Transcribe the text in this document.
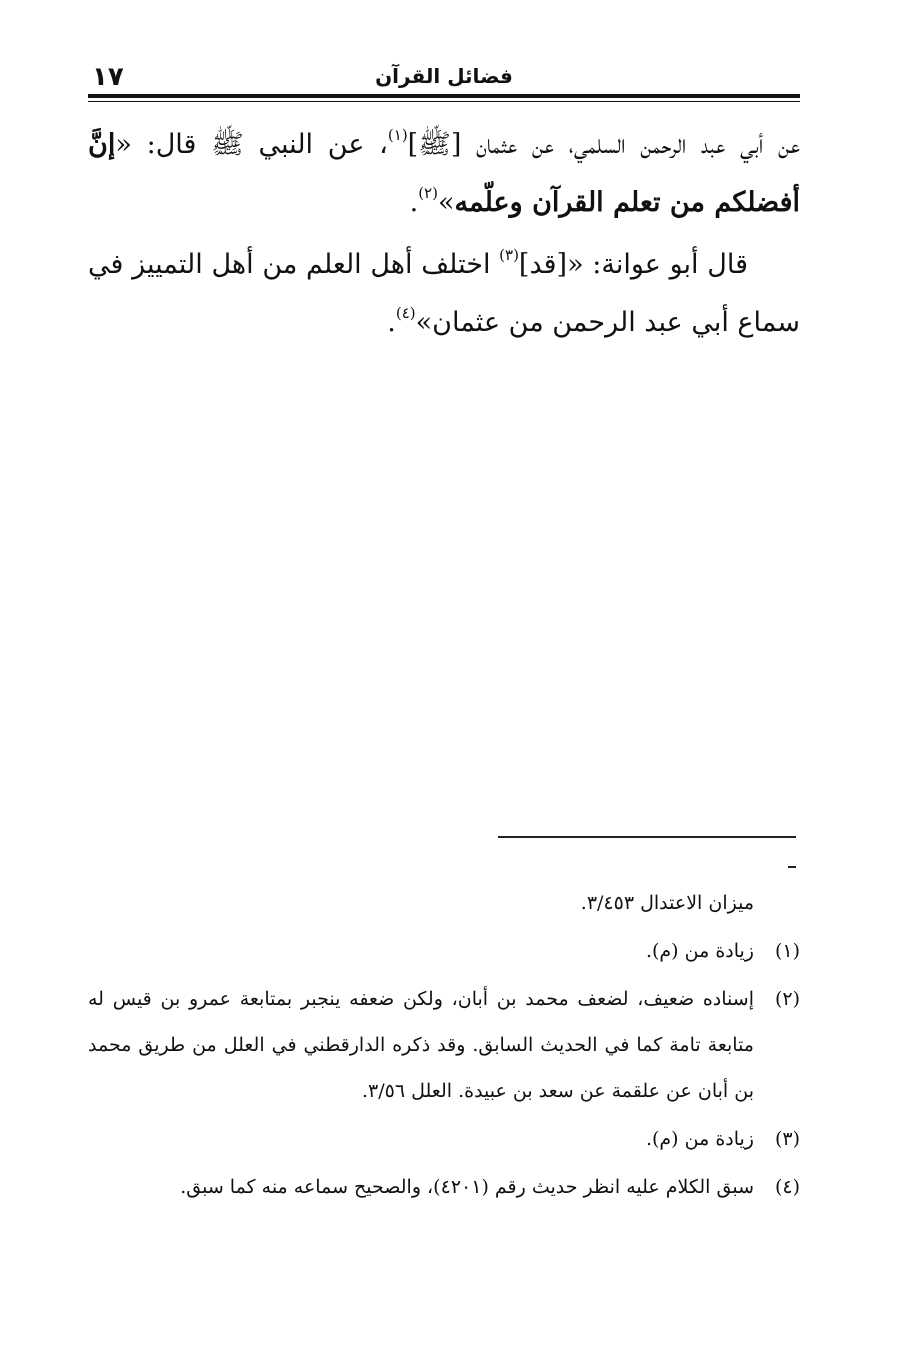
١٧	فضائل القرآن

عن أبي عبد الرحمن السلمي، عن عثمان [ﷺ]$^{(١)}$، عن النبي ﷺ قال: «إنَّ أفضلكم من تعلم القرآن وعلّمه»$^{(٢)}$.

قال أبو عوانة: «[قد]$^{(٣)}$ اختلف أهل العلم من أهل التمييز في سماع أبي عبد الرحمن من عثمان»$^{(٤)}$.

ميزان الاعتدال ٣/٤٥٣.

(١)
زيادة من (م).
(٢)
إسناده ضعيف، لضعف محمد بن أبان، ولكن ضعفه ينجبر بمتابعة عمرو بن قيس له متابعة تامة كما في الحديث السابق. وقد ذكره الدارقطني في العلل من طريق محمد بن أبان عن علقمة عن سعد بن عبيدة. العلل ٣/٥٦.
(٣)
زيادة من (م).
(٤)
سبق الكلام عليه انظر حديث رقم (٤٢٠١)، والصحيح سماعه منه كما سبق.
